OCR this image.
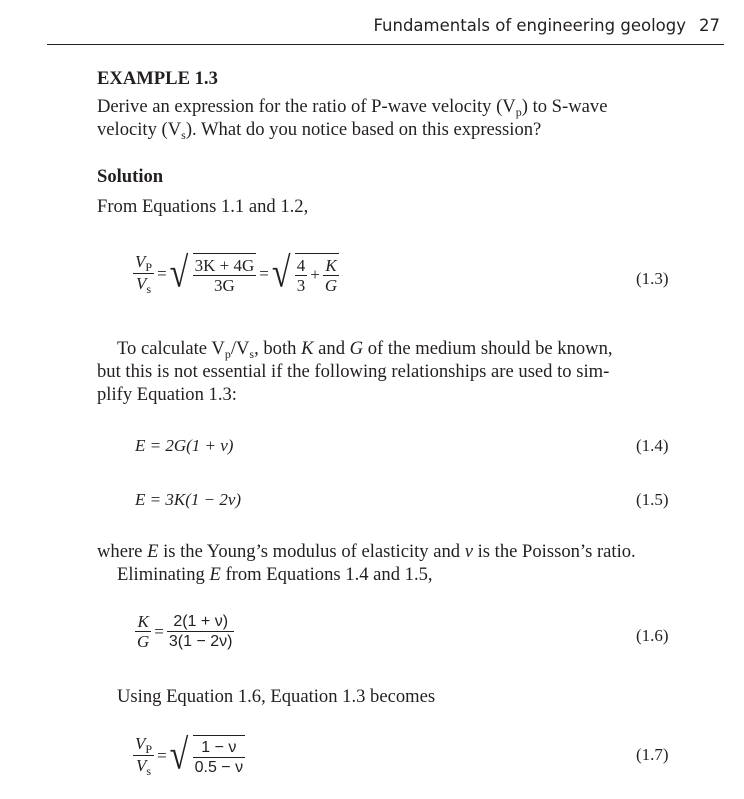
Fundamentals of engineering geology 27
EXAMPLE 1.3
Derive an expression for the ratio of P-wave velocity $(V_p)$ to S-wave
velocity $(V_s)$. What do you notice based on this expression?
Solution
From Equations 1.1 and 1.2,
$\frac{V_P}{V_s}$ = √ $\frac{3K + 4G}{3G}$ = √ $\frac{4}{3} + \frac{K}{G}$	(1.3)
To calculate $V_p/V_s$, both K and G of the medium should be known,
but this is not essential if the following relationships are used to sim-
plify Equation 1.3:
E = 2G(1 + ν)	(1.4)
E = 3K(1 − 2ν)	(1.5)
where E is the Young’s modulus of elasticity and ν is the Poisson’s ratio.
Eliminating E from Equations 1.4 and 1.5,
$\frac{K}{G} = \frac{2(1 + \nu)}{3(1 - 2\nu)}$	(1.6)
Using Equation 1.6, Equation 1.3 becomes
$\frac{V_P}{V_s}$ = √ $\frac{1 - \nu}{0.5 - \nu}$	(1.7)
